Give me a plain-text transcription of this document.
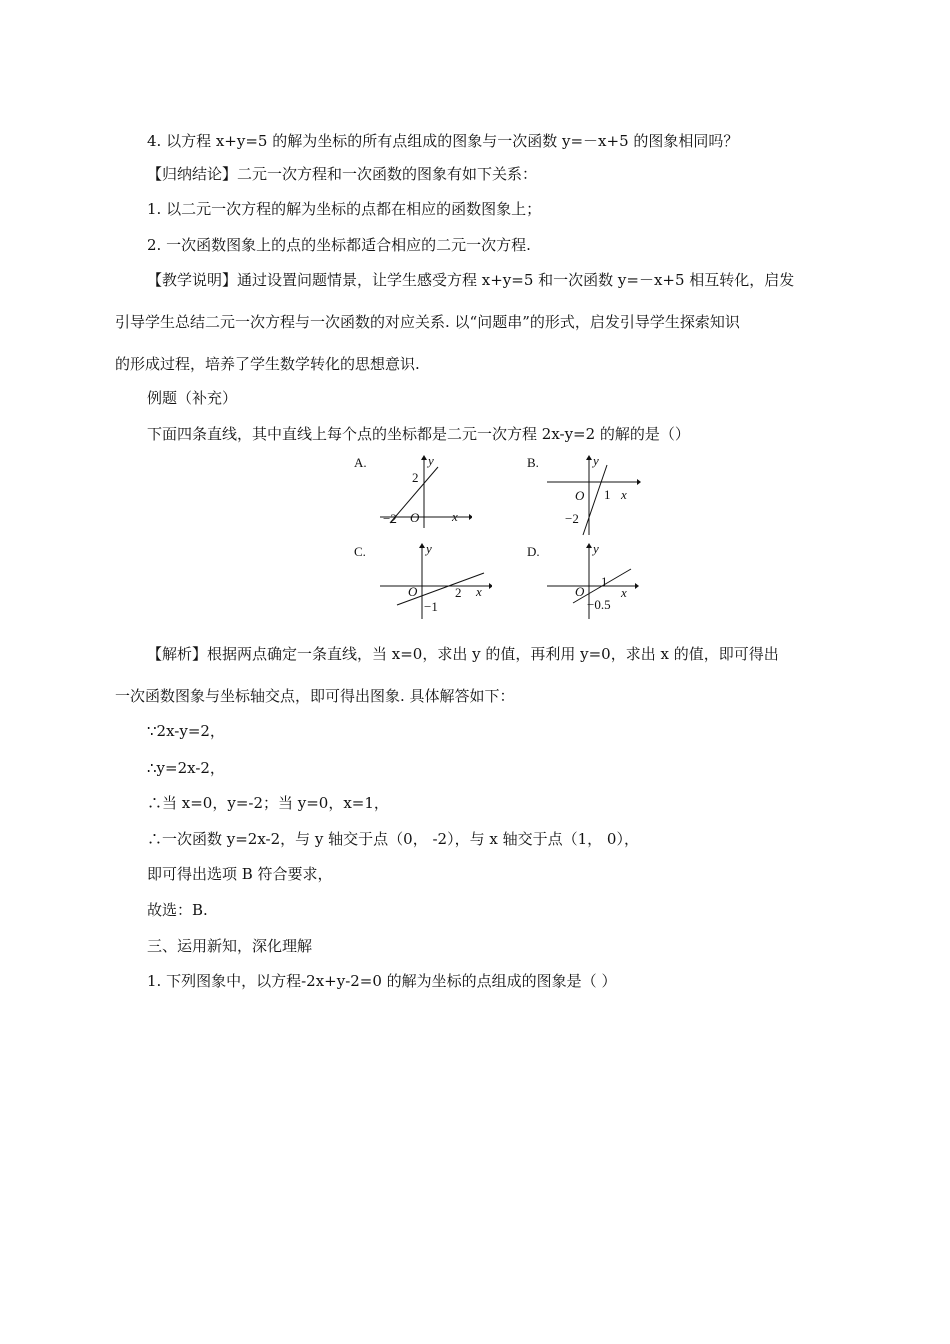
4. 以方程 x+y=5 的解为坐标的所有点组成的图象与一次函数 y=－x+5 的图象相同吗？
【归纳结论】二元一次方程和一次函数的图象有如下关系：
1. 以二元一次方程的解为坐标的点都在相应的函数图象上；
2. 一次函数图象上的点的坐标都适合相应的二元一次方程.
【教学说明】通过设置问题情景，让学生感受方程 x+y=5 和一次函数 y=－x+5 相互转化，启发
引导学生总结二元一次方程与一次函数的对应关系. 以“问题串”的形式，启发引导学生探索知识
的形成过程，培养了学生数学转化的思想意识.
例题（补充）
下面四条直线，其中直线上每个点的坐标都是二元一次方程 2x-y=2 的解的是（）
A.	y
x
O
2
−2
B.	y
x
O 1
−2
C.	y
x
O	2
−1
D.	y
x
O
1
−0.5
【解析】根据两点确定一条直线，当 x=0，求出 y 的值，再利用 y=0，求出 x 的值，即可得出
一次函数图象与坐标轴交点，即可得出图象. 具体解答如下：
∵2x-y=2，
∴y=2x-2，
∴当 x=0，y=-2；当 y=0，x=1，
∴一次函数 y=2x-2，与 y 轴交于点（0， -2），与 x 轴交于点（1， 0），
即可得出选项 B 符合要求，
故选：B.
三、运用新知，深化理解
1. 下列图象中，以方程-2x+y-2=0 的解为坐标的点组成的图象是（ ）
